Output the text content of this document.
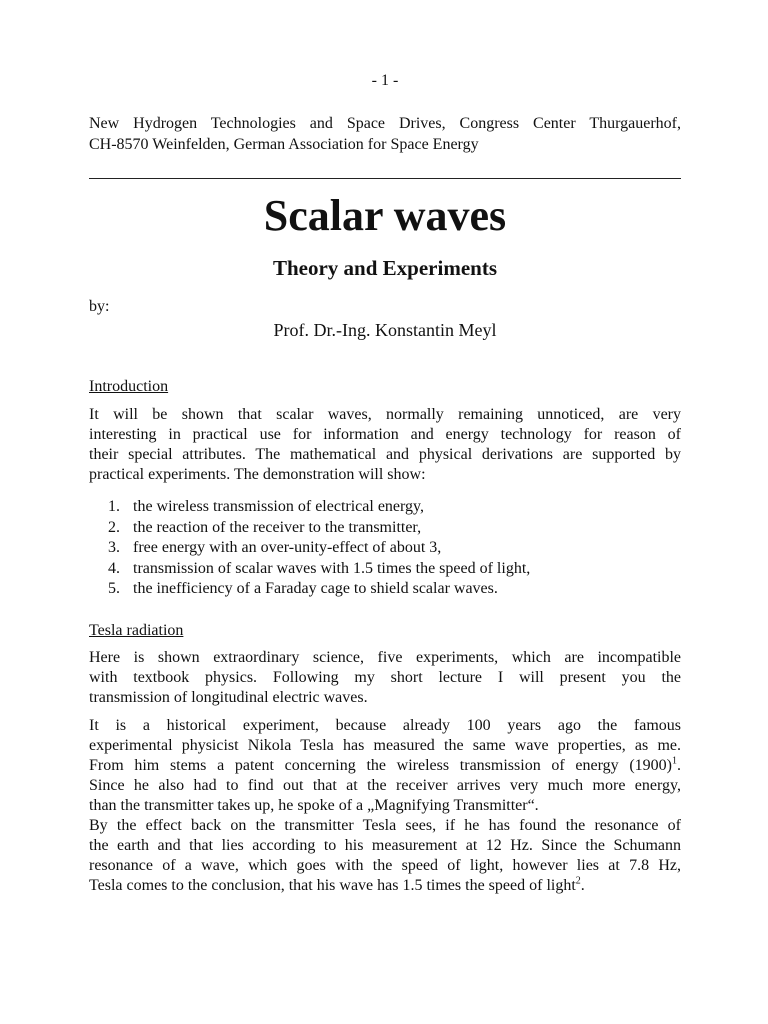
- 1 -
New Hydrogen Technologies and Space Drives, Congress Center Thurgauerhof,
CH-8570 Weinfelden, German Association for Space Energy
Scalar waves
Theory and Experiments
by:
Prof. Dr.-Ing. Konstantin Meyl
Introduction
It will be shown that scalar waves, normally remaining unnoticed, are very
interesting in practical use for information and energy technology for reason of
their special attributes. The mathematical and physical derivations are supported by
practical experiments. The demonstration will show:
1. the wireless transmission of electrical energy,
2. the reaction of the receiver to the transmitter,
3. free energy with an over-unity-effect of about 3,
4. transmission of scalar waves with 1.5 times the speed of light,
5. the inefficiency of a Faraday cage to shield scalar waves.
Tesla radiation
Here is shown extraordinary science, five experiments, which are incompatible
with textbook physics. Following my short lecture I will present you the
transmission of longitudinal electric waves.
It is a historical experiment, because already 100 years ago the famous
experimental physicist Nikola Tesla has measured the same wave properties, as me.
From him stems a patent concerning the wireless transmission of energy $(1900)^1$.
Since he also had to find out that at the receiver arrives very much more energy,
than the transmitter takes up, he spoke of a „Magnifying Transmitter“.
By the effect back on the transmitter Tesla sees, if he has found the resonance of
the earth and that lies according to his measurement at 12 Hz. Since the Schumann
resonance of a wave, which goes with the speed of light, however lies at 7.8 Hz,
Tesla comes to the conclusion, that his wave has 1.5 times the speed of light$^2$.
